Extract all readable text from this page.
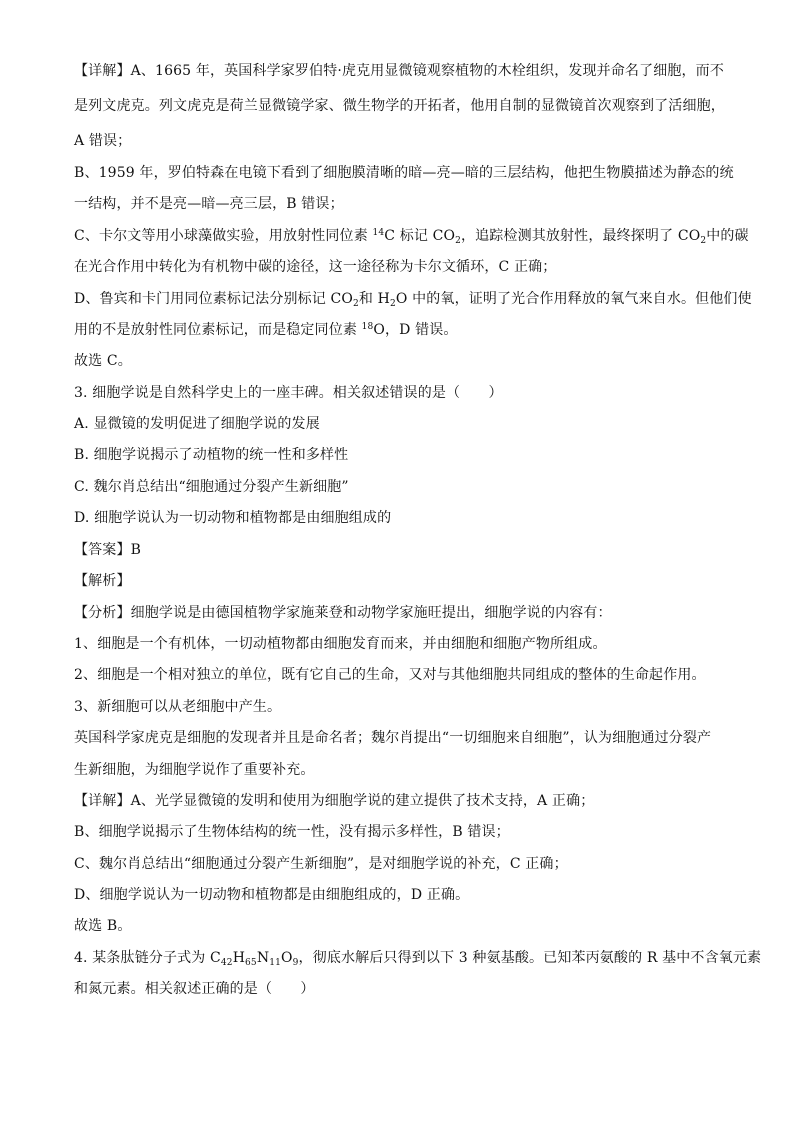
【详解】A、1665 年，英国科学家罗伯特·虎克用显微镜观察植物的木栓组织，发现并命名了细胞，而不
是列文虎克。列文虎克是荷兰显微镜学家、微生物学的开拓者，他用自制的显微镜首次观察到了活细胞，
A 错误；
B、1959 年，罗伯特森在电镜下看到了细胞膜清晰的暗—亮—暗的三层结构，他把生物膜描述为静态的统
一结构，并不是亮—暗—亮三层，B 错误；
C、卡尔文等用小球藻做实验，用放射性同位素 $^{14}$C 标记 $CO_2$，追踪检测其放射性，最终探明了 $CO_2$中的碳
在光合作用中转化为有机物中碳的途径，这一途径称为卡尔文循环，C 正确；
D、鲁宾和卡门用同位素标记法分别标记 $CO_2$和 $H_2O$ 中的氧，证明了光合作用释放的氧气来自水。但他们使
用的不是放射性同位素标记，而是稳定同位素 $^{18}$O，D 错误。
故选 C。
3. 细胞学说是自然科学史上的一座丰碑。相关叙述错误的是（　　）
A. 显微镜的发明促进了细胞学说的发展
B. 细胞学说揭示了动植物的统一性和多样性
C. 魏尔肖总结出“细胞通过分裂产生新细胞”
D. 细胞学说认为一切动物和植物都是由细胞组成的
【答案】B
【解析】
【分析】细胞学说是由德国植物学家施莱登和动物学家施旺提出，细胞学说的内容有：
1、细胞是一个有机体，一切动植物都由细胞发育而来，并由细胞和细胞产物所组成。
2、细胞是一个相对独立的单位，既有它自己的生命，又对与其他细胞共同组成的整体的生命起作用。
3、新细胞可以从老细胞中产生。
英国科学家虎克是细胞的发现者并且是命名者；魏尔肖提出“一切细胞来自细胞”，认为细胞通过分裂产
生新细胞，为细胞学说作了重要补充。
【详解】A、光学显微镜的发明和使用为细胞学说的建立提供了技术支持，A 正确；
B、细胞学说揭示了生物体结构的统一性，没有揭示多样性，B 错误；
C、魏尔肖总结出“细胞通过分裂产生新细胞”，是对细胞学说的补充，C 正确；
D、细胞学说认为一切动物和植物都是由细胞组成的，D 正确。
故选 B。
4. 某条肽链分子式为 $C_{42}H_{65}N_{11}O_9$，彻底水解后只得到以下 3 种氨基酸。已知苯丙氨酸的 R 基中不含氧元素
和氮元素。相关叙述正确的是（　　）
